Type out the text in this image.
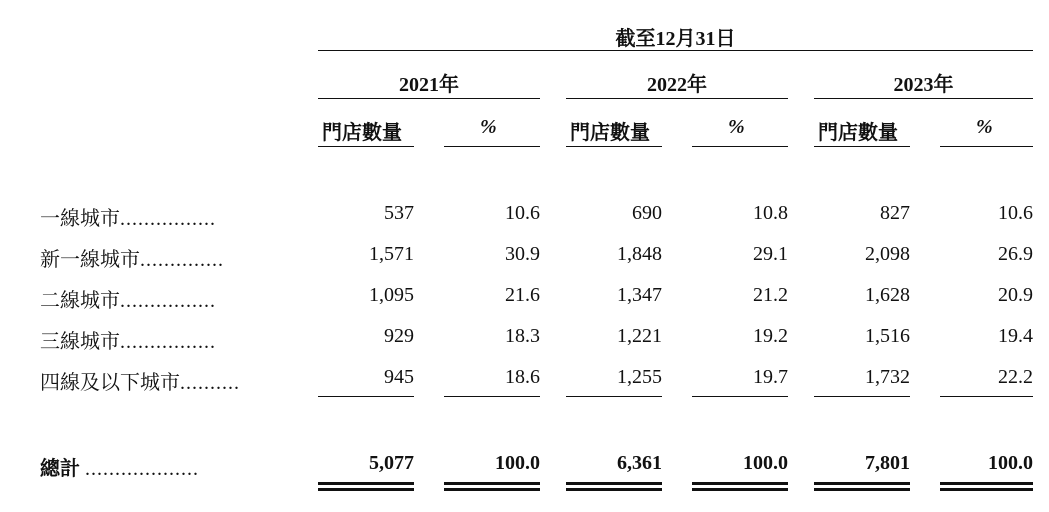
截至12月31日
2021年	2022年	2023年
門店數量	%	門店數量	%	門店數量	%
一線城市................	537	10.6	690	10.8	827	10.6
新一線城市..............	1,571	30.9	1,848	29.1	2,098	26.9
二線城市................	1,095	21.6	1,347	21.2	1,628	20.9
三線城市................	929	18.3	1,221	19.2	1,516	19.4
四線及以下城市..........	945	18.6	1,255	19.7	1,732	22.2
總計 ...................	5,077	100.0	6,361	100.0	7,801	100.0
